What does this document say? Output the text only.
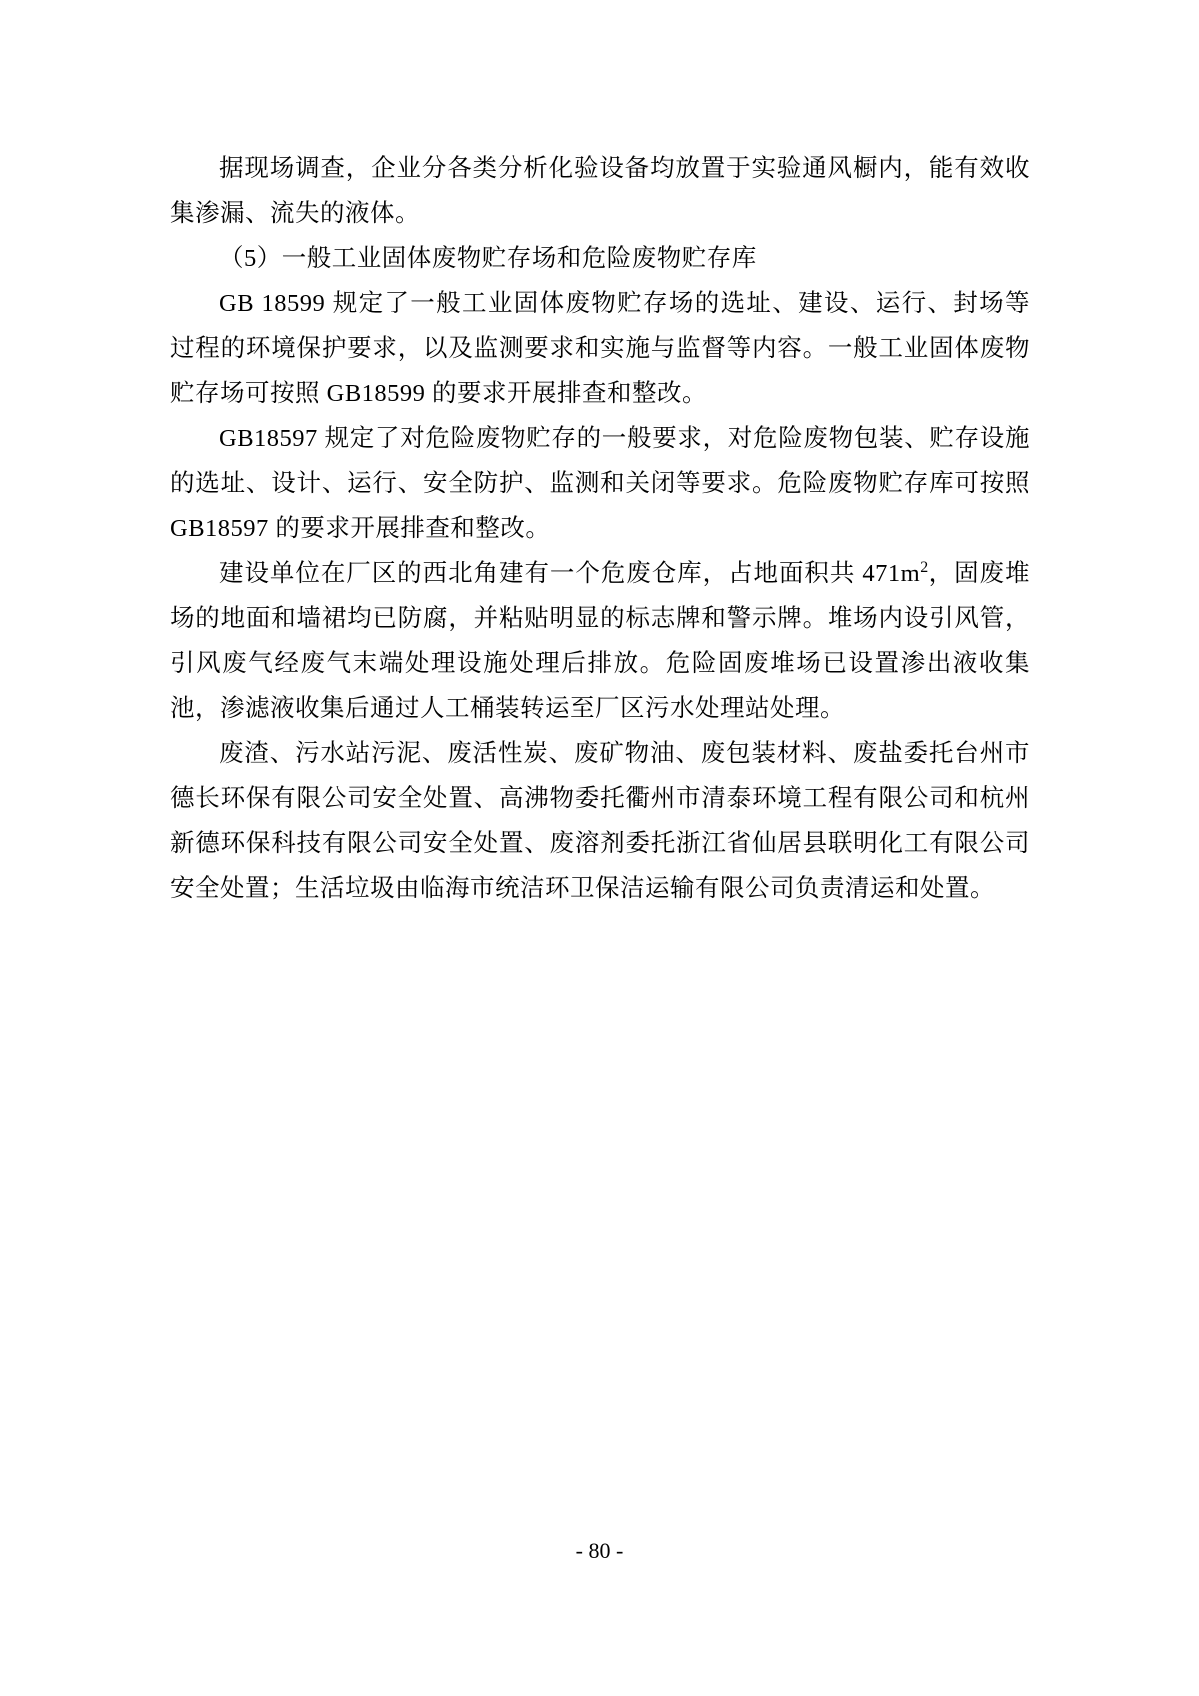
据现场调查，企业分各类分析化验设备均放置于实验通风橱内，能有效收集渗漏、流失的液体。

（5）一般工业固体废物贮存场和危险废物贮存库

GB 18599 规定了一般工业固体废物贮存场的选址、建设、运行、封场等过程的环境保护要求，以及监测要求和实施与监督等内容。一般工业固体废物贮存场可按照 GB18599 的要求开展排查和整改。

GB18597 规定了对危险废物贮存的一般要求，对危险废物包装、贮存设施的选址、设计、运行、安全防护、监测和关闭等要求。危险废物贮存库可按照 GB18597 的要求开展排查和整改。

建设单位在厂区的西北角建有一个危废仓库，占地面积共 $471m^2$，固废堆场的地面和墙裙均已防腐，并粘贴明显的标志牌和警示牌。堆场内设引风管，引风废气经废气末端处理设施处理后排放。危险固废堆场已设置渗出液收集池，渗滤液收集后通过人工桶装转运至厂区污水处理站处理。

废渣、污水站污泥、废活性炭、废矿物油、废包装材料、废盐委托台州市德长环保有限公司安全处置、高沸物委托衢州市清泰环境工程有限公司和杭州新德环保科技有限公司安全处置、废溶剂委托浙江省仙居县联明化工有限公司安全处置；生活垃圾由临海市统洁环卫保洁运输有限公司负责清运和处置。

- 80 -
